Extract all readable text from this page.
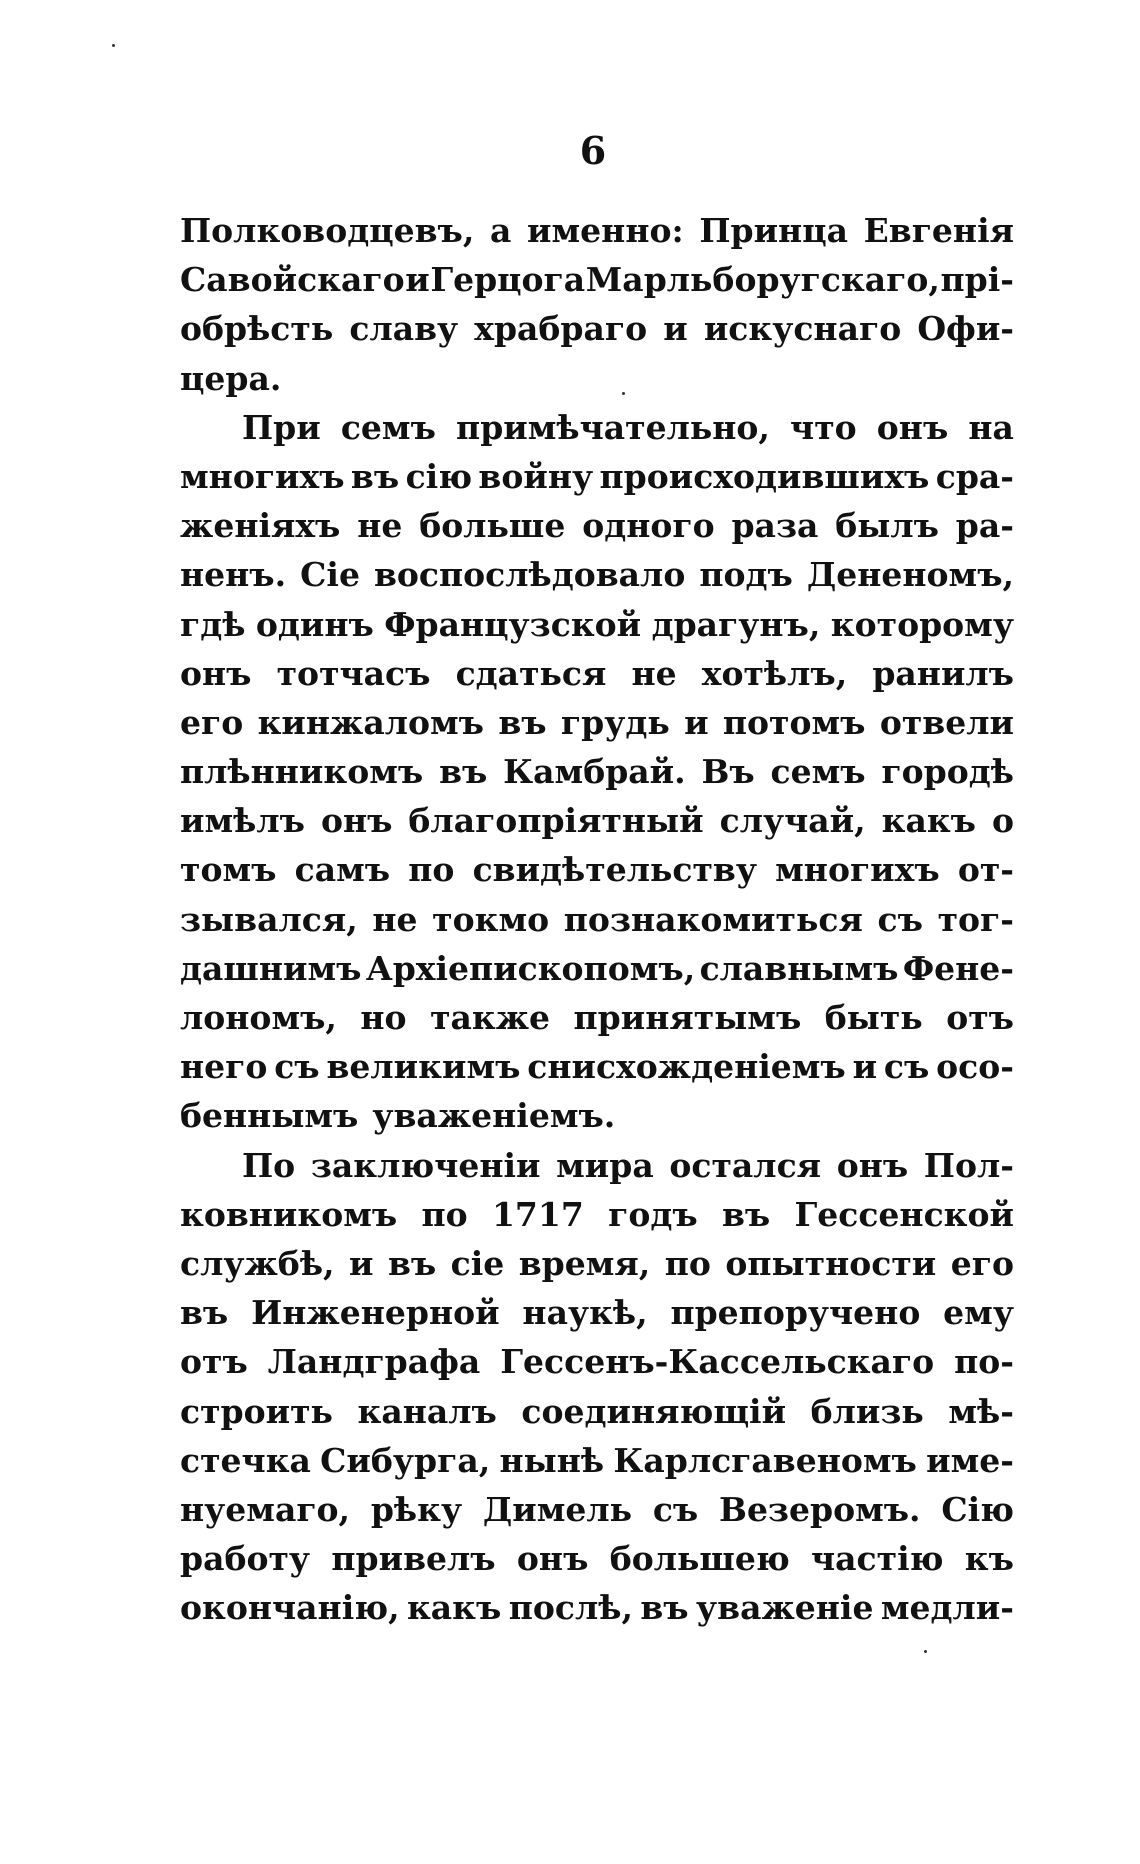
6
Полководцевъ, а именно: Принца Евгенія
Савойскаго и Герцога Марльборугскаго, прі-
обрѣсть славу храбраго и искуснаго Офи-
цера.
При семъ примѣчательно, что онъ на
многихъ въ сію войну происходившихъ сра-
женіяхъ не больше одного раза былъ ра-
ненъ. Сіе воспослѣдовало подъ Дененомъ,
гдѣ одинъ Французской драгунъ, которому
онъ тотчасъ сдаться не хотѣлъ, ранилъ
его кинжаломъ въ грудь и потомъ отвели
плѣнникомъ въ Камбрай. Въ семъ городѣ
имѣлъ онъ благопріятный случай, какъ о
томъ самъ по свидѣтельству многихъ от-
зывался, не токмо познакомиться съ тог-
дашнимъ Архіепископомъ, славнымъ Фене-
лономъ, но также принятымъ быть отъ
него съ великимъ снисхожденіемъ и съ осо-
беннымъ уваженіемъ.
По заключеніи мира остался онъ Пол-
ковникомъ по 1717 годъ въ Гессенской
службѣ, и въ сіе время, по опытности его
въ Инженерной наукѣ, препоручено ему
отъ Ландграфа Гессенъ-Кассельскаго по-
строить каналъ соединяющій близь мѣ-
стечка Сибурга, нынѣ Карлсгавеномъ име-
нуемаго, рѣку Димель съ Везеромъ. Сію
работу привелъ онъ большею частію къ
окончанію, какъ послѣ, въ уваженіе медли-
